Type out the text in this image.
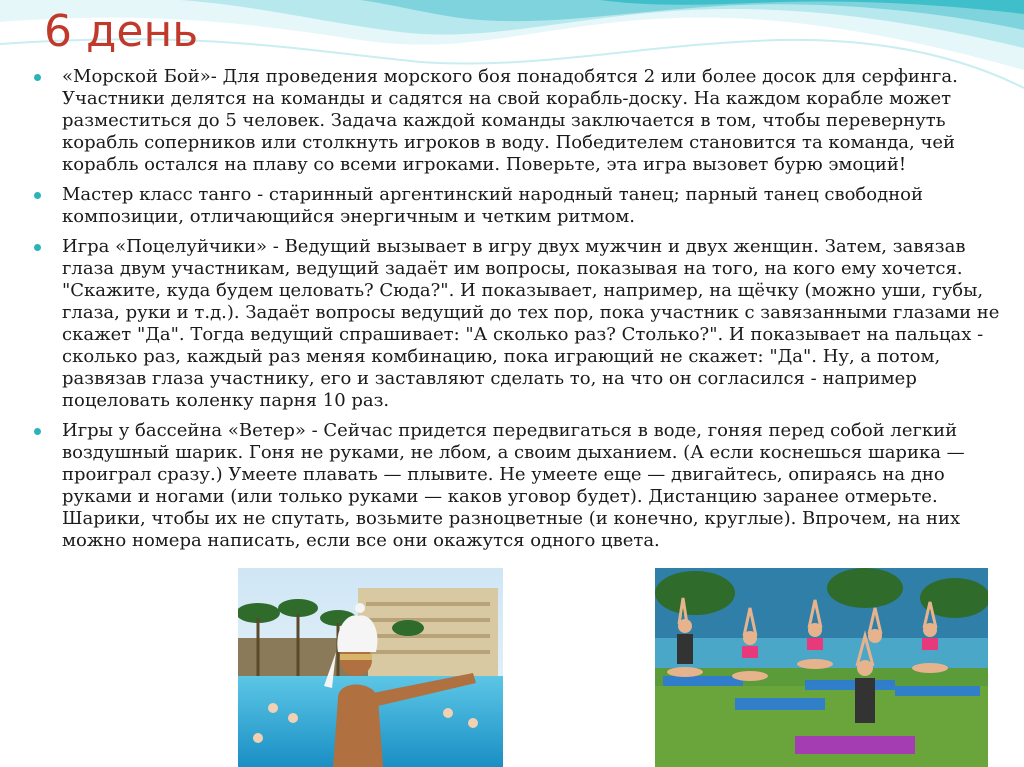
6 день
«Морской Бой»- Для проведения морского боя понадобятся 2 или более досок для серфинга. Участники делятся на команды и садятся на свой корабль-доску. На каждом корабле может разместиться до 5 человек. Задача каждой команды заключается в том, чтобы перевернуть корабль соперников или столкнуть игроков в воду. Победителем становится та команда, чей корабль остался на плаву со всеми игроками. Поверьте, эта игра вызовет бурю эмоций!
Мастер класс танго - старинный аргентинский народный танец; парный танец свободной композиции, отличающийся энергичным и четким ритмом.
Игра «Поцелуйчики» - Ведущий вызывает в игру двух мужчин и двух женщин. Затем, завязав глаза двум участникам, ведущий задаёт им вопросы, показывая на того, на кого ему хочется. "Скажите, куда будем целовать? Сюда?". И показывает, например, на щёчку (можно уши, губы, глаза, руки и т.д.). Задаёт вопросы ведущий до тех пор, пока участник с завязанными глазами не скажет "Да". Тогда ведущий спрашивает: "А сколько раз? Столько?". И показывает на пальцах - сколько раз, каждый раз меняя комбинацию, пока играющий не скажет: "Да". Ну, а потом, развязав глаза участнику, его и заставляют сделать то, на что он согласился - например поцеловать коленку парня 10 раз.
Игры у бассейна «Ветер» - Сейчас придется передвигаться в воде, гоняя перед собой легкий воздушный шарик. Гоня не руками, не лбом, а своим дыханием. (А если коснешься шарика — проиграл сразу.) Умеете плавать — плывите. Не умеете еще — двигайтесь, опираясь на дно руками и ногами (или только руками — каков уговор будет). Дистанцию заранее отмерьте. Шарики, чтобы их не спутать, возьмите разноцветные (и конечно, круглые). Впрочем, на них можно номера написать, если все они окажутся одного цвета.
